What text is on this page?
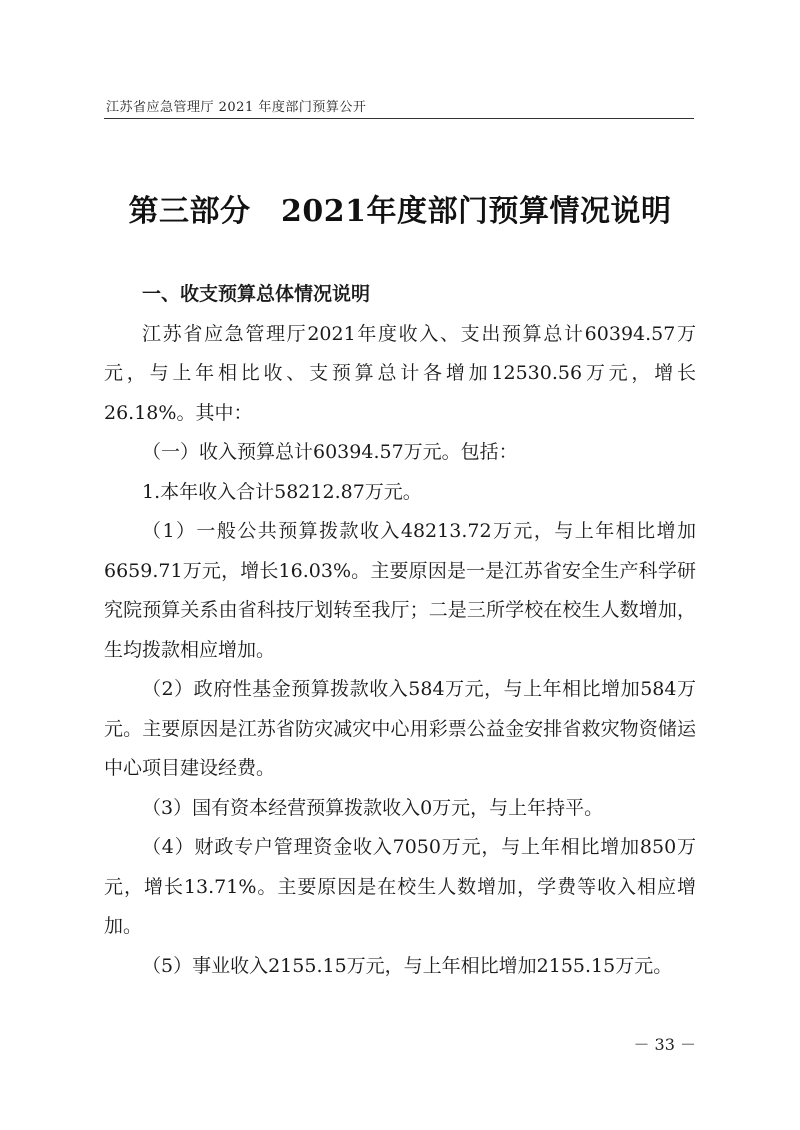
江苏省应急管理厅 2021 年度部门预算公开
第三部分　2021年度部门预算情况说明

一、收支预算总体情况说明

江苏省应急管理厅2021年度收入、支出预算总计60394.57万元，与上年相比收、支预算总计各增加12530.56万元，增长26.18%。其中：

（一）收入预算总计60394.57万元。包括：

1.本年收入合计58212.87万元。

（1）一般公共预算拨款收入48213.72万元，与上年相比增加6659.71万元，增长16.03%。主要原因是一是江苏省安全生产科学研究院预算关系由省科技厅划转至我厅；二是三所学校在校生人数增加，生均拨款相应增加。

（2）政府性基金预算拨款收入584万元，与上年相比增加584万元。主要原因是江苏省防灾减灾中心用彩票公益金安排省救灾物资储运中心项目建设经费。

（3）国有资本经营预算拨款收入0万元，与上年持平。

（4）财政专户管理资金收入7050万元，与上年相比增加850万元，增长13.71%。主要原因是在校生人数增加，学费等收入相应增加。

（5）事业收入2155.15万元，与上年相比增加2155.15万元。

－ 33 －
